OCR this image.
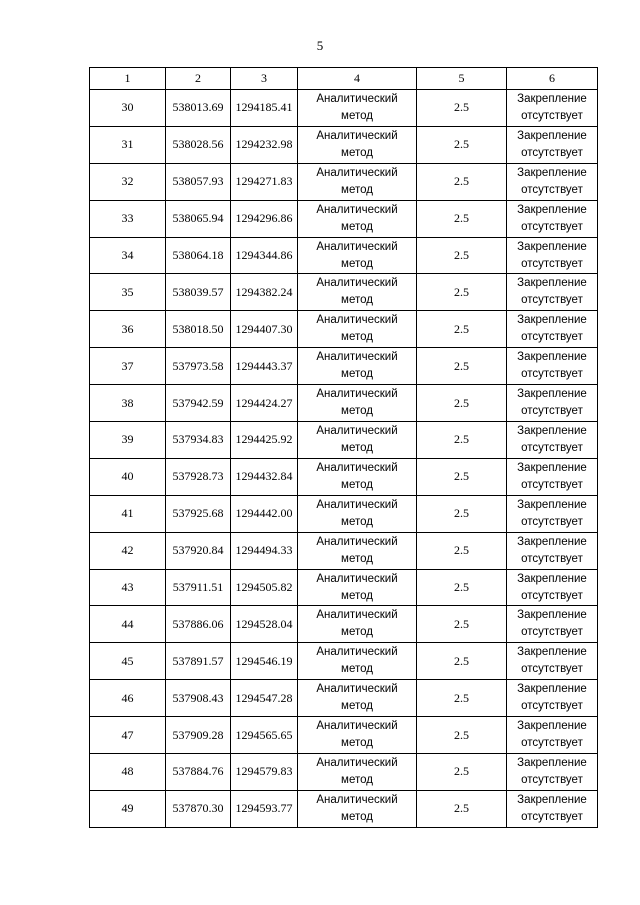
5
1	2	3	4	5	6
30	538013.69	1294185.41	Аналитический
метод	2.5	Закрепление
отсутствует

31	538028.56	1294232.98	Аналитический
метод	2.5	Закрепление
отсутствует

32	538057.93	1294271.83	Аналитический
метод	2.5	Закрепление
отсутствует

33	538065.94	1294296.86	Аналитический
метод	2.5	Закрепление
отсутствует

34	538064.18	1294344.86	Аналитический
метод	2.5	Закрепление
отсутствует

35	538039.57	1294382.24	Аналитический
метод	2.5	Закрепление
отсутствует

36	538018.50	1294407.30	Аналитический
метод	2.5	Закрепление
отсутствует

37	537973.58	1294443.37	Аналитический
метод	2.5	Закрепление
отсутствует

38	537942.59	1294424.27	Аналитический
метод	2.5	Закрепление
отсутствует

39	537934.83	1294425.92	Аналитический
метод	2.5	Закрепление
отсутствует

40	537928.73	1294432.84	Аналитический
метод	2.5	Закрепление
отсутствует

41	537925.68	1294442.00	Аналитический
метод	2.5	Закрепление
отсутствует

42	537920.84	1294494.33	Аналитический
метод	2.5	Закрепление
отсутствует

43	537911.51	1294505.82	Аналитический
метод	2.5	Закрепление
отсутствует

44	537886.06	1294528.04	Аналитический
метод	2.5	Закрепление
отсутствует

45	537891.57	1294546.19	Аналитический
метод	2.5	Закрепление
отсутствует

46	537908.43	1294547.28	Аналитический
метод	2.5	Закрепление
отсутствует

47	537909.28	1294565.65	Аналитический
метод	2.5	Закрепление
отсутствует

48	537884.76	1294579.83	Аналитический
метод	2.5	Закрепление
отсутствует

49	537870.30	1294593.77	Аналитический
метод	2.5	Закрепление
отсутствует
